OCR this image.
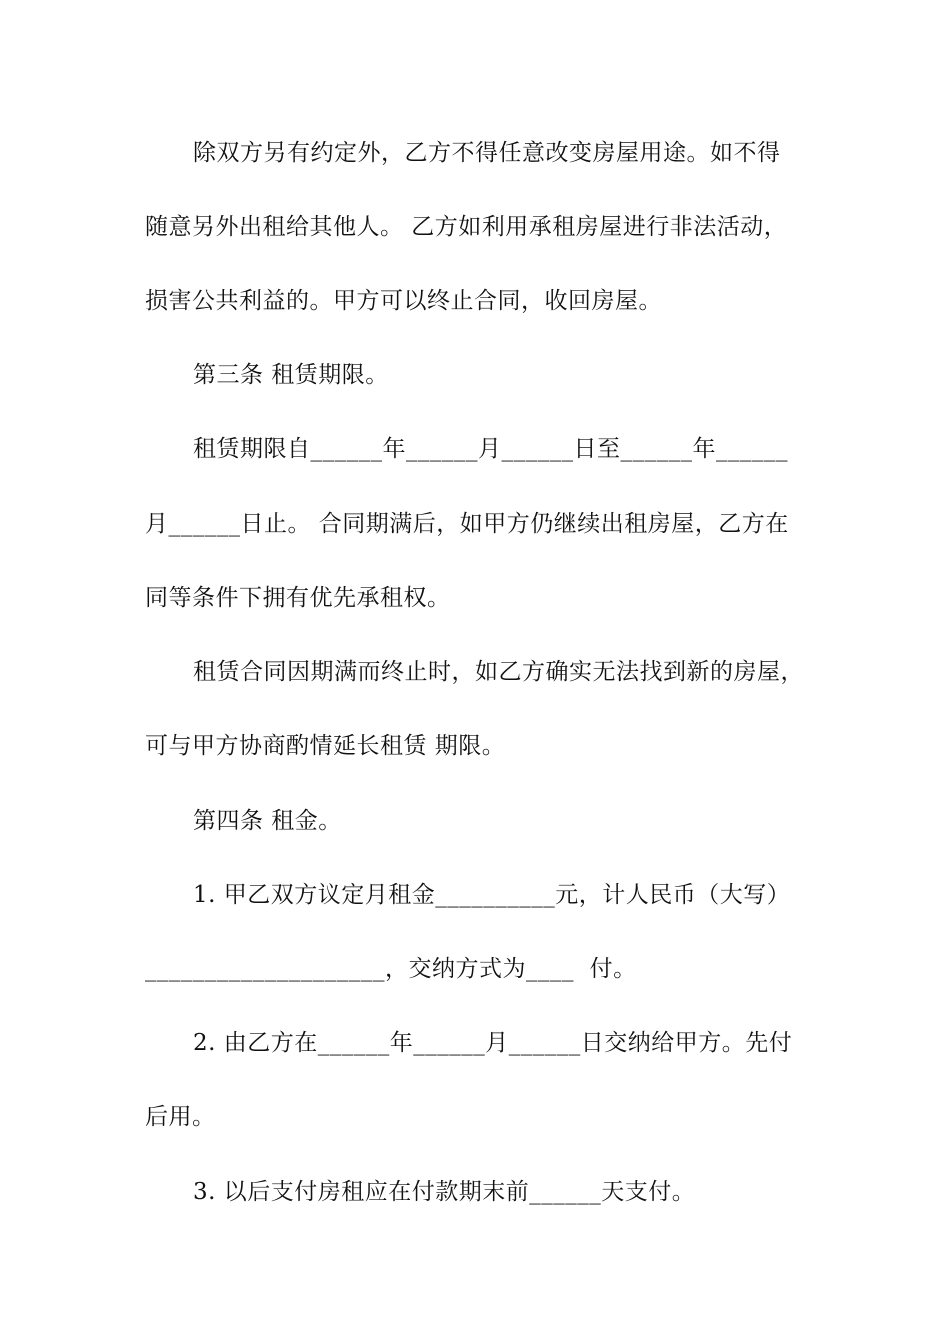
除双方另有约定外，乙方不得任意改变房屋用途。如不得
随意另外出租给其他人。 乙方如利用承租房屋进行非法活动，
损害公共利益的。甲方可以终止合同，收回房屋。
第三条 租赁期限。
租赁期限自______年______月______日至______年______
月______日止。 合同期满后，如甲方仍继续出租房屋，乙方在
同等条件下拥有优先承租权。
租赁合同因期满而终止时，如乙方确实无法找到新的房屋，
可与甲方协商酌情延长租赁 期限。
第四条 租金。
1. 甲乙双方议定月租金__________元，计人民币（大写）
____________________，交纳方式为____  付。
2. 由乙方在______年______月______日交纳给甲方。先付
后用。
3. 以后支付房租应在付款期末前______天支付。
